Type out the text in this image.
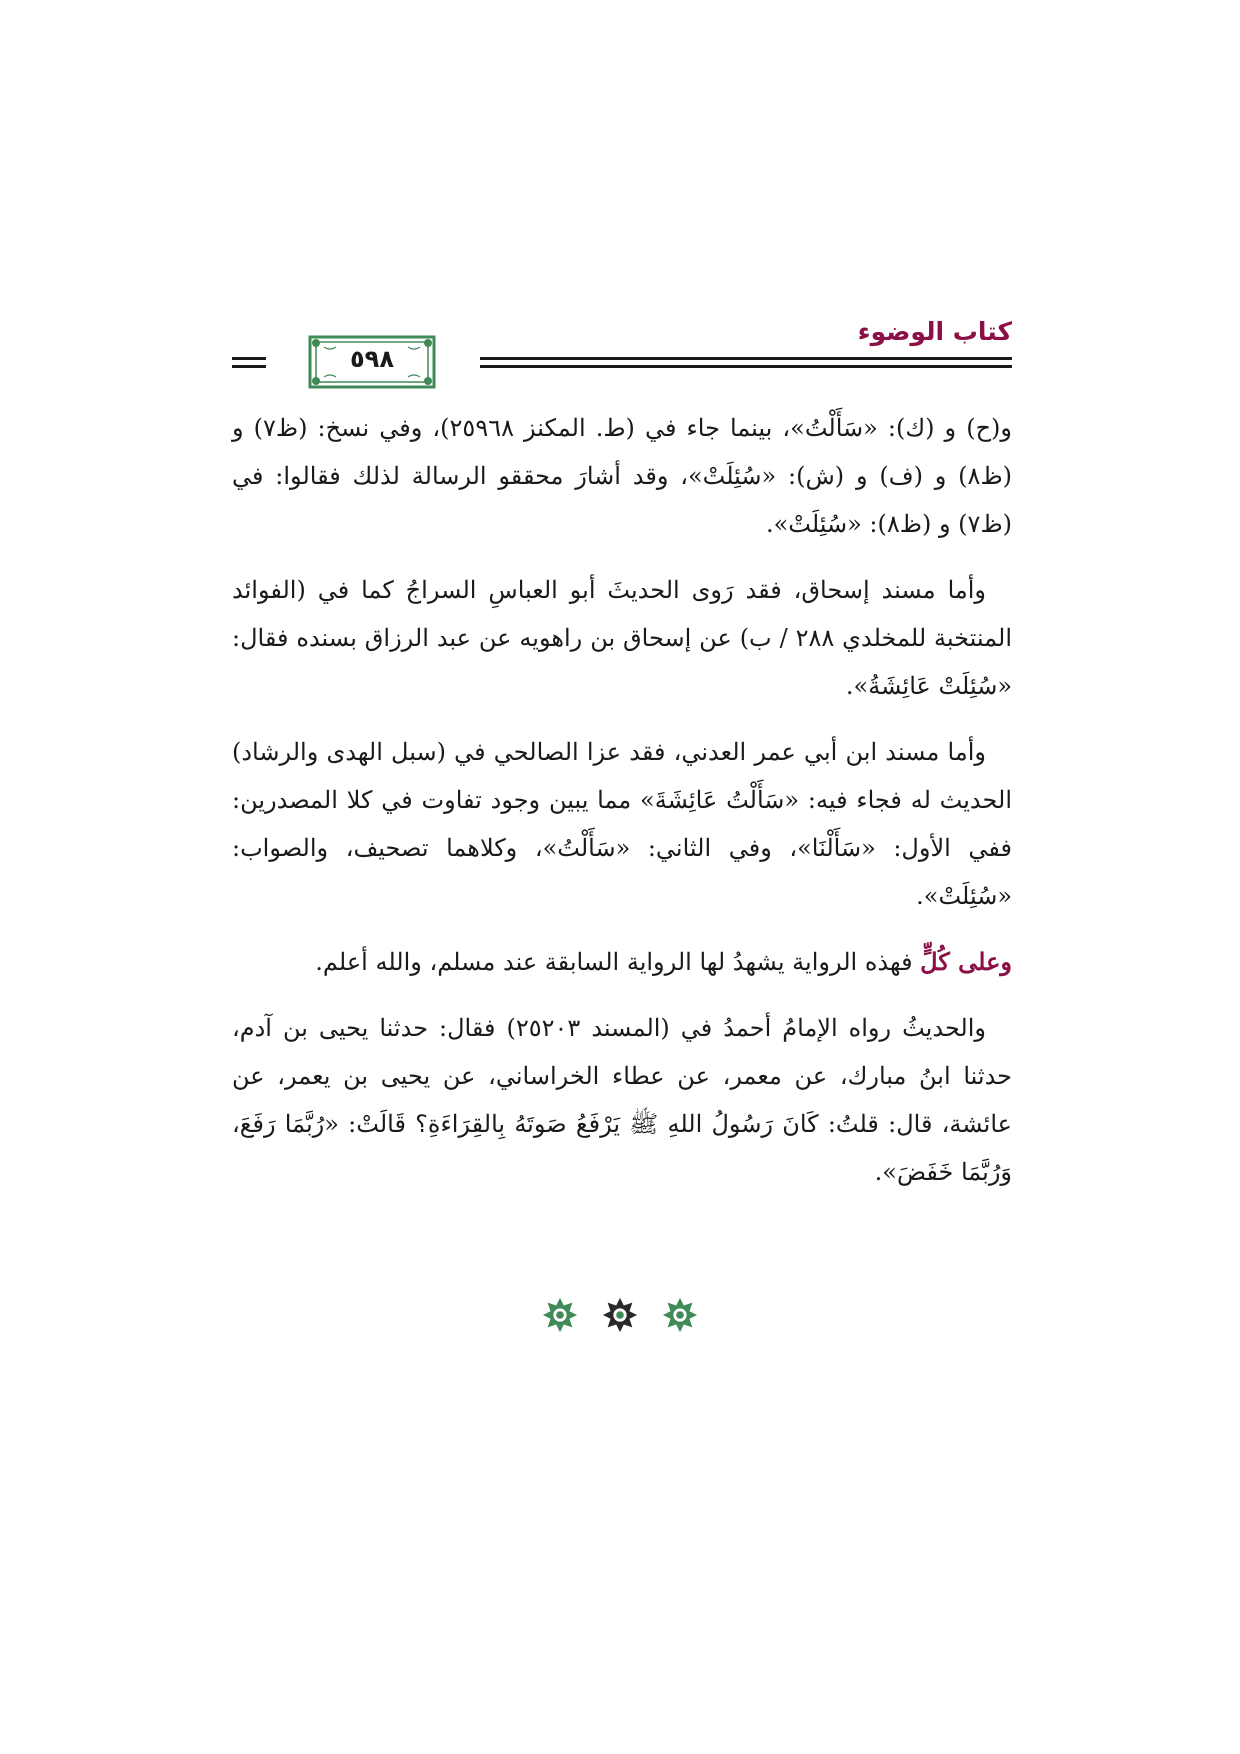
كتاب الوضوء
٥٩٨

و(ح) و (ك): «سَأَلْتُ»، بينما جاء في (ط. المكنز ٢٥٩٦٨)، وفي نسخ: (ظ٧) و (ظ٨) و (ف) و (ش): «سُئِلَتْ»، وقد أشارَ محققو الرسالة لذلك فقالوا: في (ظ٧) و (ظ٨): «سُئِلَتْ».

وأما مسند إسحاق، فقد رَوى الحديثَ أبو العباسِ السراجُ كما في (الفوائد المنتخبة للمخلدي ٢٨٨ / ب) عن إسحاق بن راهويه عن عبد الرزاق بسنده فقال: «سُئِلَتْ عَائِشَةُ».

وأما مسند ابن أبي عمر العدني، فقد عزا الصالحي في (سبل الهدى والرشاد) الحديث له فجاء فيه: «سَأَلْتُ عَائِشَةَ» مما يبين وجود تفاوت في كلا المصدرين: ففي الأول: «سَأَلْنَا»، وفي الثاني: «سَأَلْتُ»، وكلاهما تصحيف، والصواب: «سُئِلَتْ».

وعلى كُلٍّ فهذه الرواية يشهدُ لها الرواية السابقة عند مسلم، والله أعلم.

والحديثُ رواه الإمامُ أحمدُ في (المسند ٢٥٢٠٣) فقال: حدثنا يحيى بن آدم، حدثنا ابنُ مبارك، عن معمر، عن عطاء الخراساني، عن يحيى بن يعمر، عن عائشة، قال: قلتُ: كَانَ رَسُولُ اللهِ ﷺ يَرْفَعُ صَوتَهُ بِالقِرَاءَةِ؟ قَالَتْ: «رُبَّمَا رَفَعَ، وَرُبَّمَا خَفَضَ».
